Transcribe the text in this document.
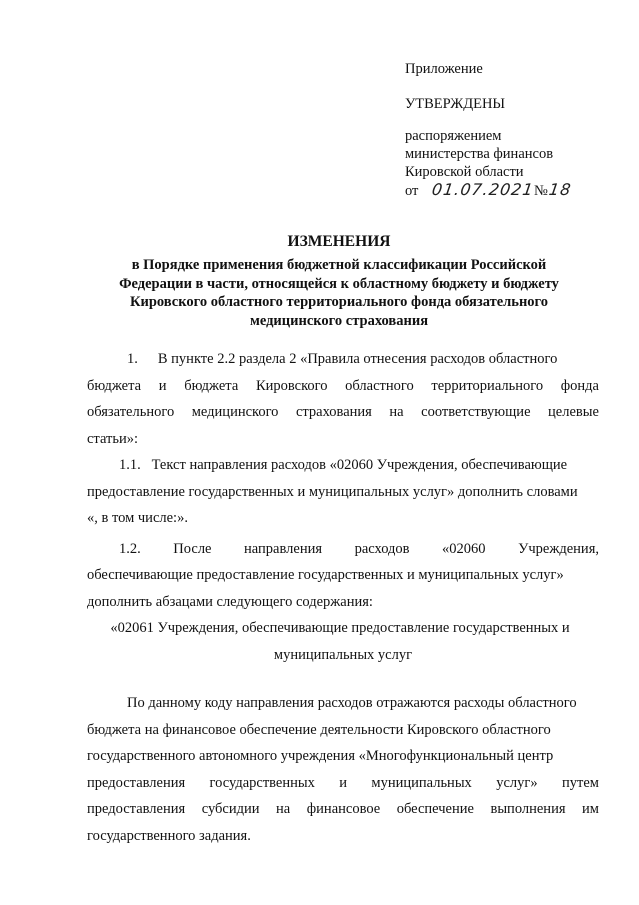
Приложение
УТВЕРЖДЕНЫ
распоряжением
министерства финансов
Кировской области
от 01.07.2021
№ 18
ИЗМЕНЕНИЯ
в Порядке применения бюджетной классификации Российской
Федерации в части, относящейся к областному бюджету и бюджету
Кировского областного территориального фонда обязательного
медицинского страхования
1. В пункте 2.2 раздела 2 «Правила отнесения расходов областного
бюджета и бюджета Кировского областного территориального фонда
обязательного медицинского страхования на соответствующие целевые

статьи»:

1.1.   Текст направления расходов «02060 Учреждения, обеспечивающие

предоставление государственных и муниципальных услуг» дополнить словами

«, в том числе:».

1.2. После направления расходов «02060 Учреждения,

обеспечивающие предоставление государственных и муниципальных услуг»

дополнить абзацами следующего содержания:

«02061 Учреждения, обеспечивающие предоставление государственных и

муниципальных услуг

По данному коду направления расходов отражаются расходы областного

бюджета на финансовое обеспечение деятельности Кировского областного

государственного автономного учреждения «Многофункциональный центр

предоставления государственных и муниципальных услуг» путем
предоставления субсидии на финансовое обеспечение выполнения им

государственного задания.
